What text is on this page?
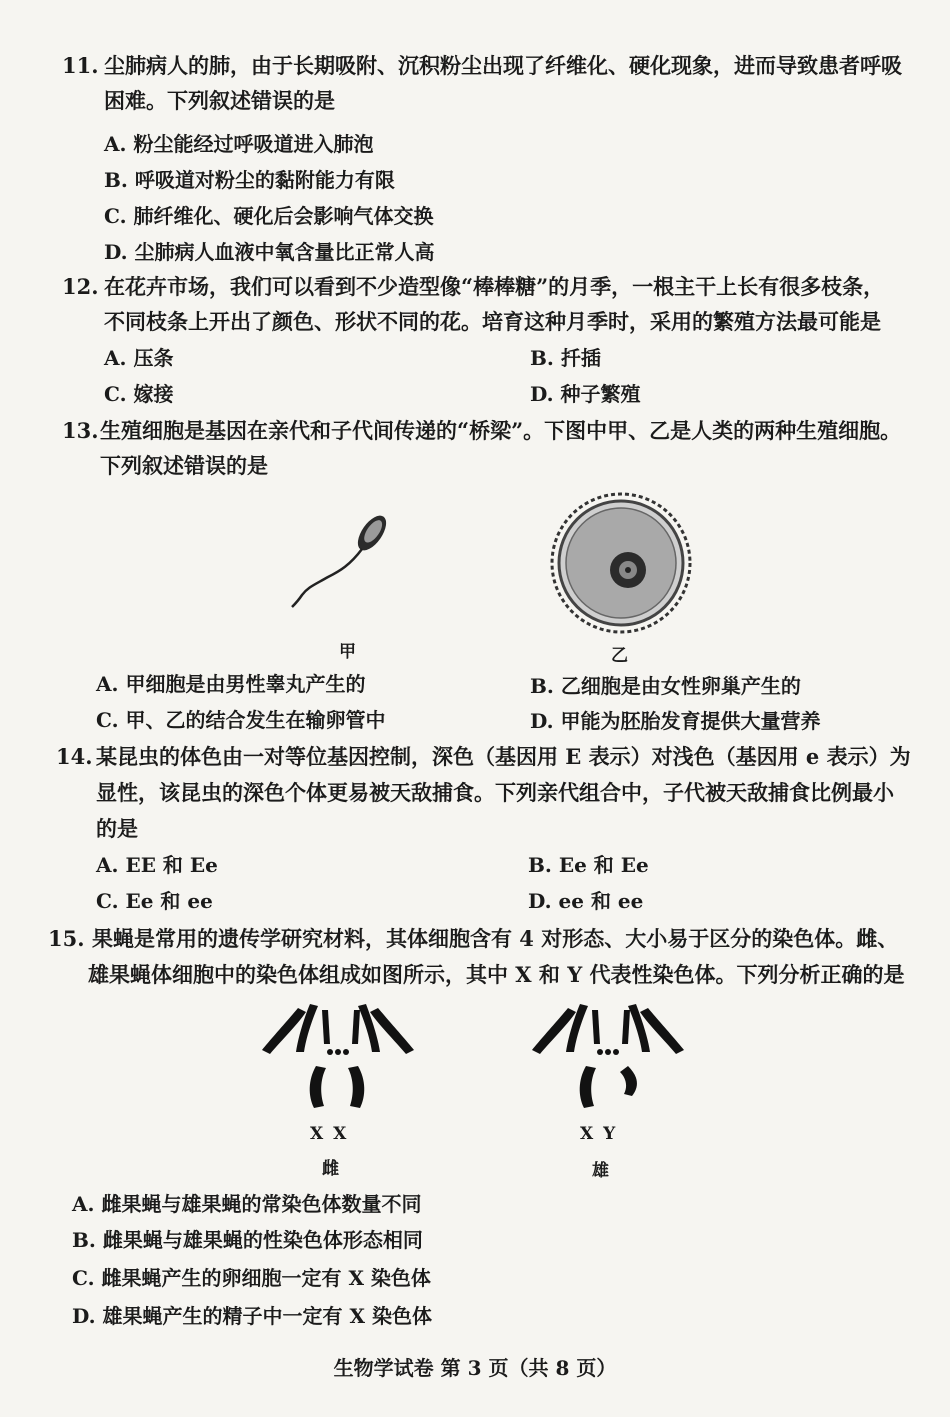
11. 尘肺病人的肺，由于长期吸附、沉积粉尘出现了纤维化、硬化现象，进而导致患者呼吸
困难。下列叙述错误的是
A. 粉尘能经过呼吸道进入肺泡
B. 呼吸道对粉尘的黏附能力有限
C. 肺纤维化、硬化后会影响气体交换
D. 尘肺病人血液中氧含量比正常人高
12. 在花卉市场，我们可以看到不少造型像“棒棒糖”的月季，一根主干上长有很多枝条，
不同枝条上开出了颜色、形状不同的花。培育这种月季时，采用的繁殖方法最可能是
A. 压条	B. 扦插
C. 嫁接	D. 种子繁殖
13. 生殖细胞是基因在亲代和子代间传递的“桥梁”。下图中甲、乙是人类的两种生殖细胞。
下列叙述错误的是
甲	乙
A. 甲细胞是由男性睾丸产生的	B. 乙细胞是由女性卵巢产生的
C. 甲、乙的结合发生在输卵管中	D. 甲能为胚胎发育提供大量营养
14. 某昆虫的体色由一对等位基因控制，深色（基因用 E 表示）对浅色（基因用 e 表示）为
显性，该昆虫的深色个体更易被天敌捕食。下列亲代组合中，子代被天敌捕食比例最小
的是
A. EE 和 Ee	B. Ee 和 Ee
C. Ee 和 ee	D. ee 和 ee
15. 果蝇是常用的遗传学研究材料，其体细胞含有 4 对形态、大小易于区分的染色体。雌、
雄果蝇体细胞中的染色体组成如图所示，其中 X 和 Y 代表性染色体。下列分析正确的是
X X
雌
X Y
雄
A. 雌果蝇与雄果蝇的常染色体数量不同
B. 雌果蝇与雄果蝇的性染色体形态相同
C. 雌果蝇产生的卵细胞一定有 X 染色体
D. 雄果蝇产生的精子中一定有 X 染色体
生物学试卷 第 3 页（共 8 页）
